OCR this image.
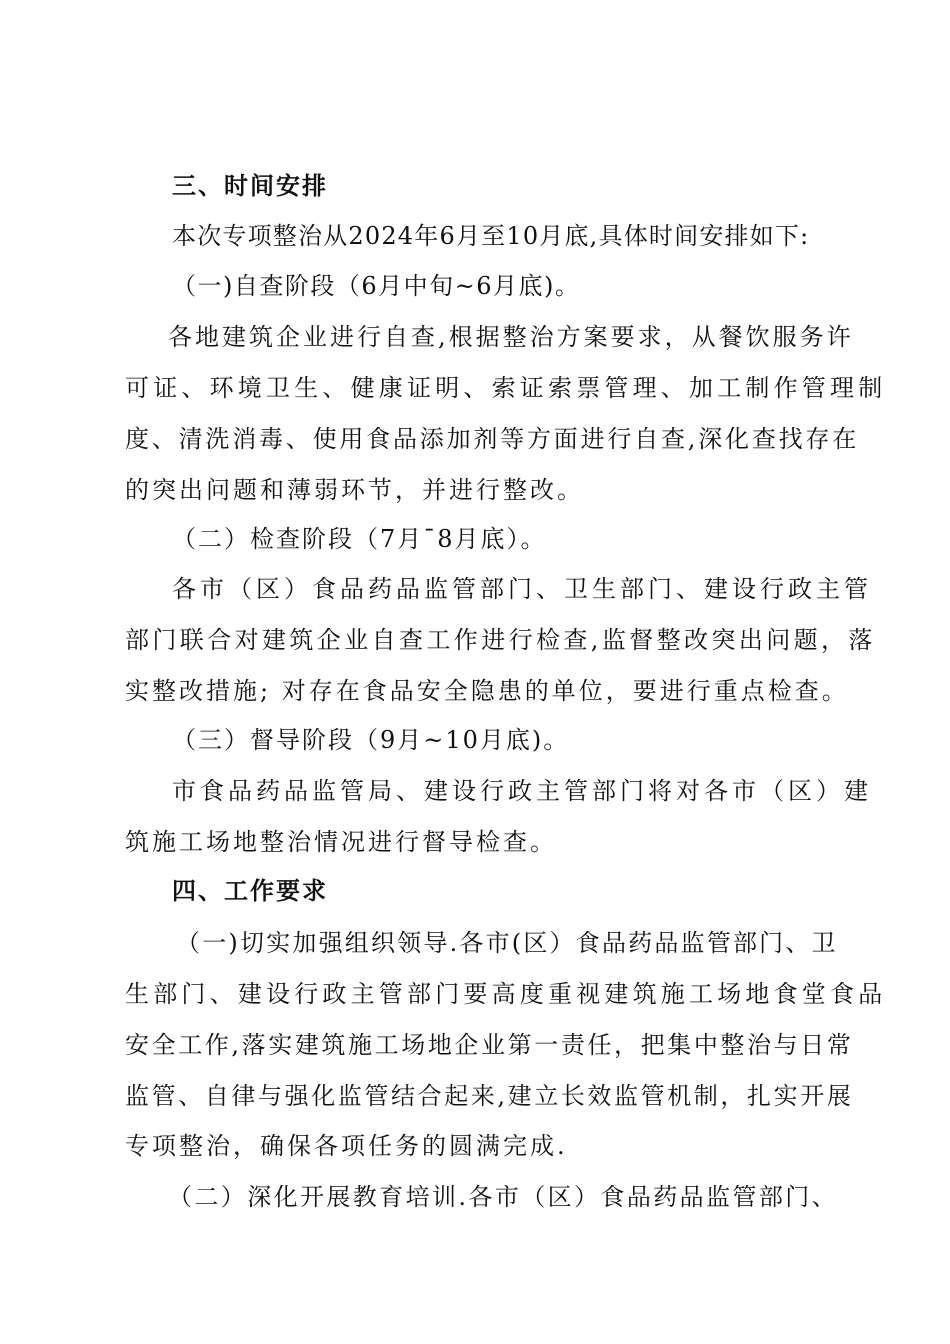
三、时间安排
本次专项整治从2024年6月至10月底,具体时间安排如下:
（一)自查阶段（6月中旬~6月底)。
各地建筑企业进行自查,根据整治方案要求，从餐饮服务许
可证、环境卫生、健康证明、索证索票管理、加工制作管理制
度、清洗消毒、使用食品添加剂等方面进行自查,深化查找存在
的突出问题和薄弱环节，并进行整改。
（二）检查阶段（7月¯8月底）。
各市（区）食品药品监管部门、卫生部门、建设行政主管
部门联合对建筑企业自查工作进行检查,监督整改突出问题，落
实整改措施; 对存在食品安全隐患的单位，要进行重点检查。
（三）督导阶段（9月~10月底)。
市食品药品监管局、建设行政主管部门将对各市（区）建
筑施工场地整治情况进行督导检查。
四、工作要求
（一)切实加强组织领导.各市(区）食品药品监管部门、卫
生部门、建设行政主管部门要高度重视建筑施工场地食堂食品
安全工作,落实建筑施工场地企业第一责任，把集中整治与日常
监管、自律与强化监管结合起来,建立长效监管机制，扎实开展
专项整治，确保各项任务的圆满完成.
（二）深化开展教育培训.各市（区）食品药品监管部门、
